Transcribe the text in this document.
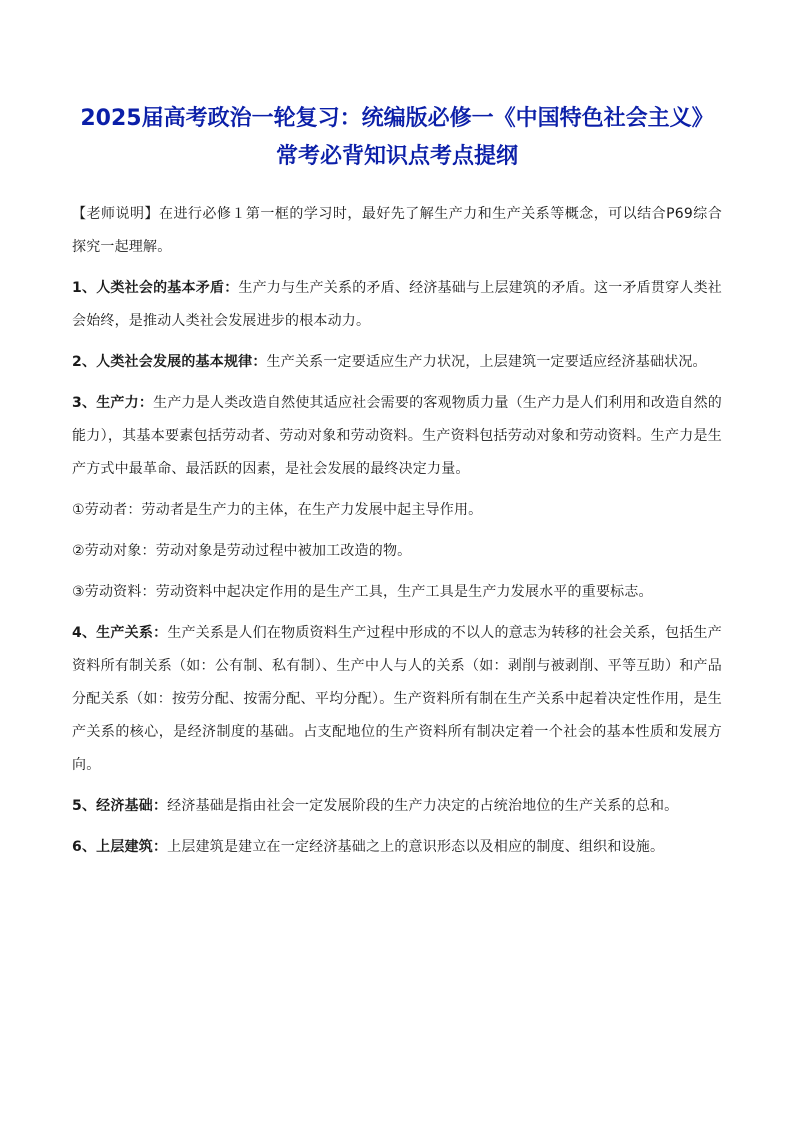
2025届高考政治一轮复习：统编版必修一《中国特色社会主义》常考必背知识点考点提纲

【老师说明】在进行必修１第一框的学习时，最好先了解生产力和生产关系等概念，可以结合P69综合探究一起理解。

1、人类社会的基本矛盾：生产力与生产关系的矛盾、经济基础与上层建筑的矛盾。这一矛盾贯穿人类社会始终，是推动人类社会发展进步的根本动力。

2、人类社会发展的基本规律：生产关系一定要适应生产力状况，上层建筑一定要适应经济基础状况。

3、生产力：生产力是人类改造自然使其适应社会需要的客观物质力量（生产力是人们利用和改造自然的能力），其基本要素包括劳动者、劳动对象和劳动资料。生产资料包括劳动对象和劳动资料。生产力是生产方式中最革命、最活跃的因素，是社会发展的最终决定力量。

①劳动者：劳动者是生产力的主体，在生产力发展中起主导作用。

②劳动对象：劳动对象是劳动过程中被加工改造的物。

③劳动资料：劳动资料中起决定作用的是生产工具，生产工具是生产力发展水平的重要标志。

4、生产关系：生产关系是人们在物质资料生产过程中形成的不以人的意志为转移的社会关系，包括生产资料所有制关系（如：公有制、私有制）、生产中人与人的关系（如：剥削与被剥削、平等互助）和产品分配关系（如：按劳分配、按需分配、平均分配）。生产资料所有制在生产关系中起着决定性作用，是生产关系的核心，是经济制度的基础。占支配地位的生产资料所有制决定着一个社会的基本性质和发展方向。

5、经济基础：经济基础是指由社会一定发展阶段的生产力决定的占统治地位的生产关系的总和。

6、上层建筑：上层建筑是建立在一定经济基础之上的意识形态以及相应的制度、组织和设施。
